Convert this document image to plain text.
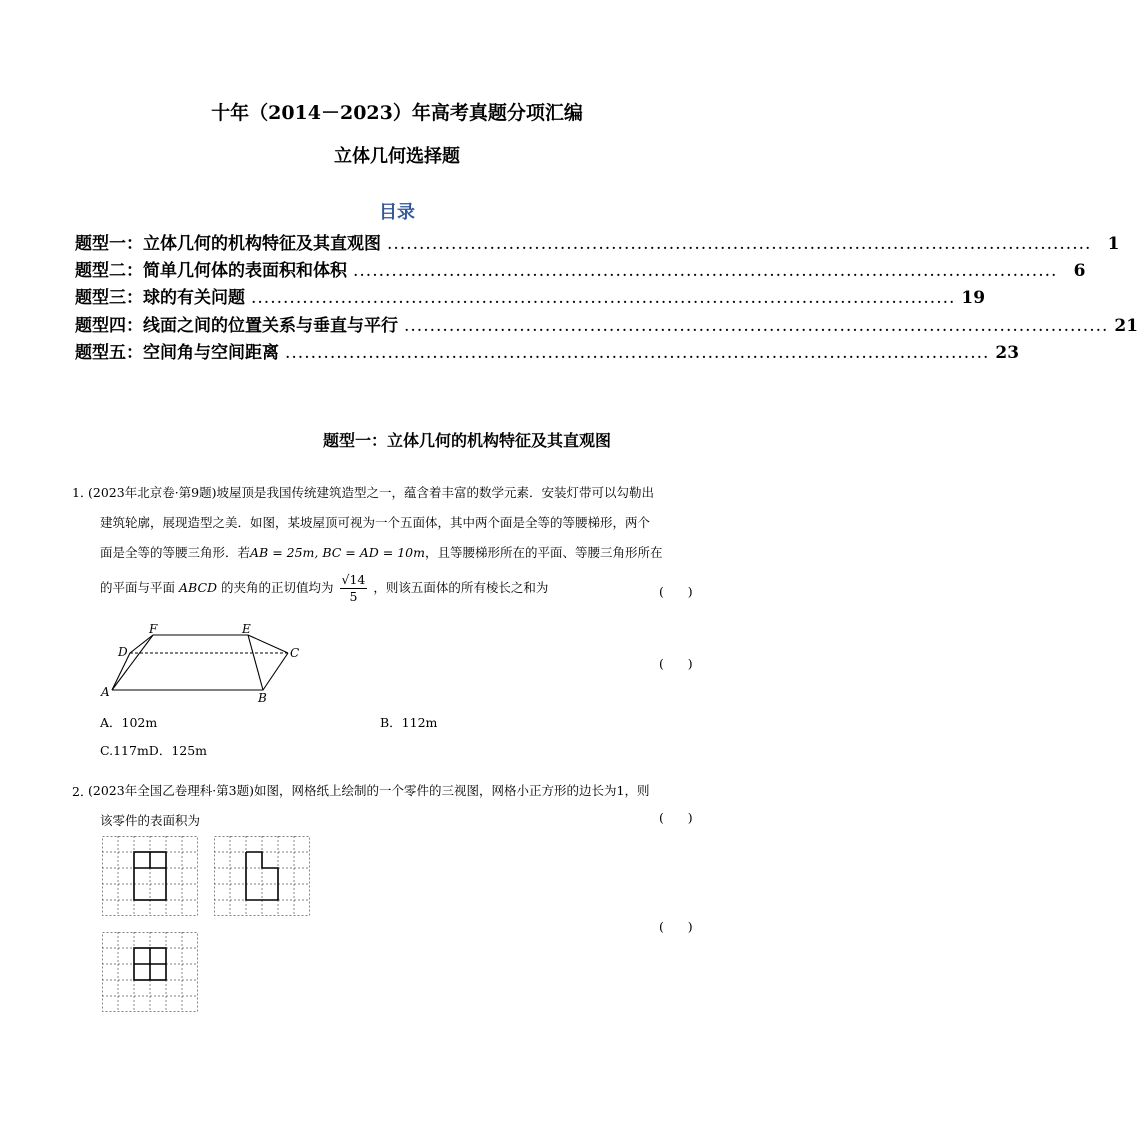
十年（2014－2023）年高考真题分项汇编
立体几何选择题
目录
题型一：立体几何的机构特征及其直观图 .............................................................................................................. 1
题型二：简单几何体的表面积和体积 .............................................................................................................. 6
题型三：球的有关问题 .............................................................................................................. 19
题型四：线面之间的位置关系与垂直与平行 .............................................................................................................. 21
题型五：空间角与空间距离 .............................................................................................................. 23
题型一：立体几何的机构特征及其直观图
1．
(2023年北京卷·第9题)坡屋顶是我国传统建筑造型之一，蕴含着丰富的数学元素．安装灯带可以勾勒出
建筑轮廓，展现造型之美．如图，某坡屋顶可视为一个五面体，其中两个面是全等的等腰梯形，两个
面是全等的等腰三角形．若AB = 25m, BC = AD = 10m，且等腰梯形所在的平面、等腰三角形所在
的平面与平面 ABCD 的夹角的正切值均为 $\frac{√14}{5}$ ，则该五面体的所有棱长之和为	(      )
(      )
D
F	E
C
A	B
A．102m	B．112m
C.117mD．125m
2．
(2023年全国乙卷理科·第3题)如图，网格纸上绘制的一个零件的三视图，网格小正方形的边长为1，则
该零件的表面积为	(      )
(      )
